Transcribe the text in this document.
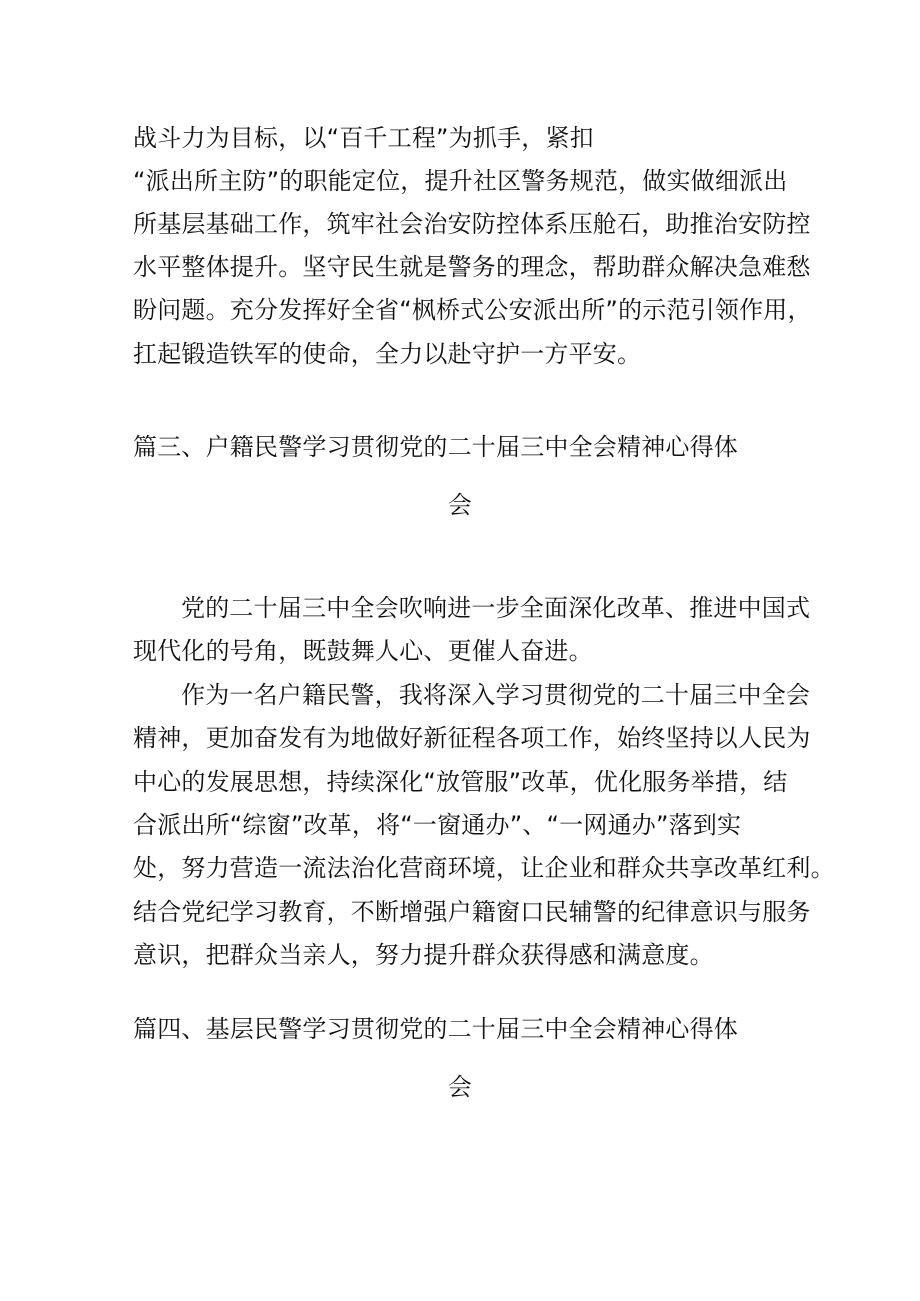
战斗力为目标，以“百千工程”为抓手，紧扣
“派出所主防”的职能定位，提升社区警务规范，做实做细派出
所基层基础工作，筑牢社会治安防控体系压舱石，助推治安防控
水平整体提升。坚守民生就是警务的理念，帮助群众解决急难愁
盼问题。充分发挥好全省“枫桥式公安派出所”的示范引领作用，
扛起锻造铁军的使命，全力以赴守护一方平安。
篇三、户籍民警学习贯彻党的二十届三中全会精神心得体
会
党的二十届三中全会吹响进一步全面深化改革、推进中国式
现代化的号角，既鼓舞人心、更催人奋进。
作为一名户籍民警，我将深入学习贯彻党的二十届三中全会
精神，更加奋发有为地做好新征程各项工作，始终坚持以人民为
中心的发展思想，持续深化“放管服”改革，优化服务举措，结
合派出所“综窗”改革，将“一窗通办”、“一网通办”落到实
处，努力营造一流法治化营商环境，让企业和群众共享改革红利。
结合党纪学习教育，不断增强户籍窗口民辅警的纪律意识与服务
意识，把群众当亲人，努力提升群众获得感和满意度。
篇四、基层民警学习贯彻党的二十届三中全会精神心得体
会
